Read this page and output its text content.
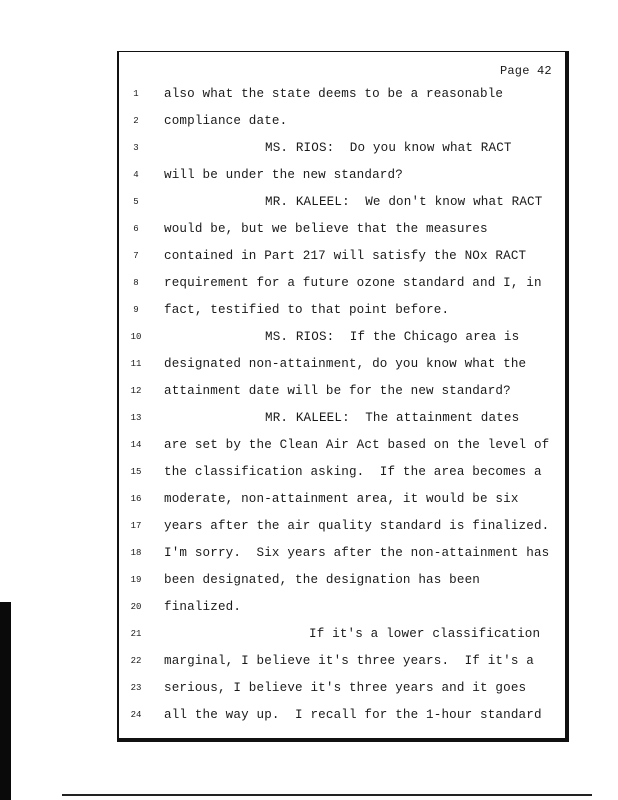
Page 42
1	also what the state deems to be a reasonable
2	compliance date.
3	MS. RIOS:  Do you know what RACT
4	will be under the new standard?
5	MR. KALEEL:  We don't know what RACT
6	would be, but we believe that the measures
7	contained in Part 217 will satisfy the NOx RACT
8	requirement for a future ozone standard and I, in
9	fact, testified to that point before.
10	MS. RIOS:  If the Chicago area is
11 designated non-attainment, do you know what the
12 attainment date will be for the new standard?
13	MR. KALEEL:  The attainment dates
14 are set by the Clean Air Act based on the level of
15 the classification asking.  If the area becomes a
16 moderate, non-attainment area, it would be six
17 years after the air quality standard is finalized.
18 I'm sorry.  Six years after the non-attainment has
19 been designated, the designation has been
20 finalized.
21	If it's a lower classification
22 marginal, I believe it's three years.  If it's a
23 serious, I believe it's three years and it goes
24 all the way up.  I recall for the 1-hour standard
